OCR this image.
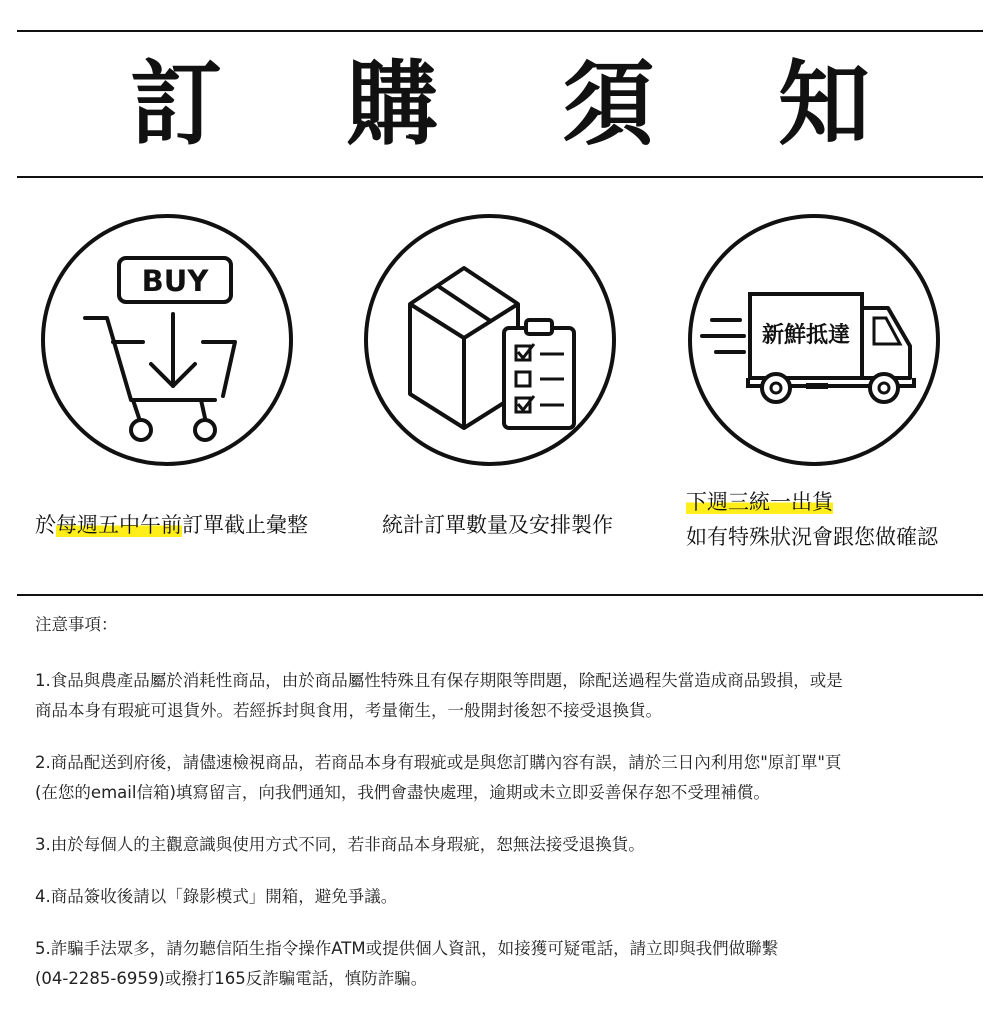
訂 購 須 知
BUY
新鮮抵達
於每週五中午前訂單截止彙整	統計訂單數量及安排製作
下週三統一出貨
如有特殊狀況會跟您做確認
注意事項：
1.食品與農產品屬於消耗性商品，由於商品屬性特殊且有保存期限等問題，除配送過程失當造成商品毀損，或是
商品本身有瑕疵可退貨外。若經拆封與食用，考量衛生，一般開封後恕不接受退換貨。
2.商品配送到府後，請儘速檢視商品，若商品本身有瑕疵或是與您訂購內容有誤，請於三日內利用您"原訂單"頁
(在您的email信箱)填寫留言，向我們通知，我們會盡快處理，逾期或未立即妥善保存恕不受理補償。
3.由於每個人的主觀意識與使用方式不同，若非商品本身瑕疵，恕無法接受退換貨。
4.商品簽收後請以「錄影模式」開箱，避免爭議。
5.詐騙手法眾多，請勿聽信陌生指令操作ATM或提供個人資訊，如接獲可疑電話，請立即與我們做聯繫
(04-2285-6959)或撥打165反詐騙電話，慎防詐騙。
